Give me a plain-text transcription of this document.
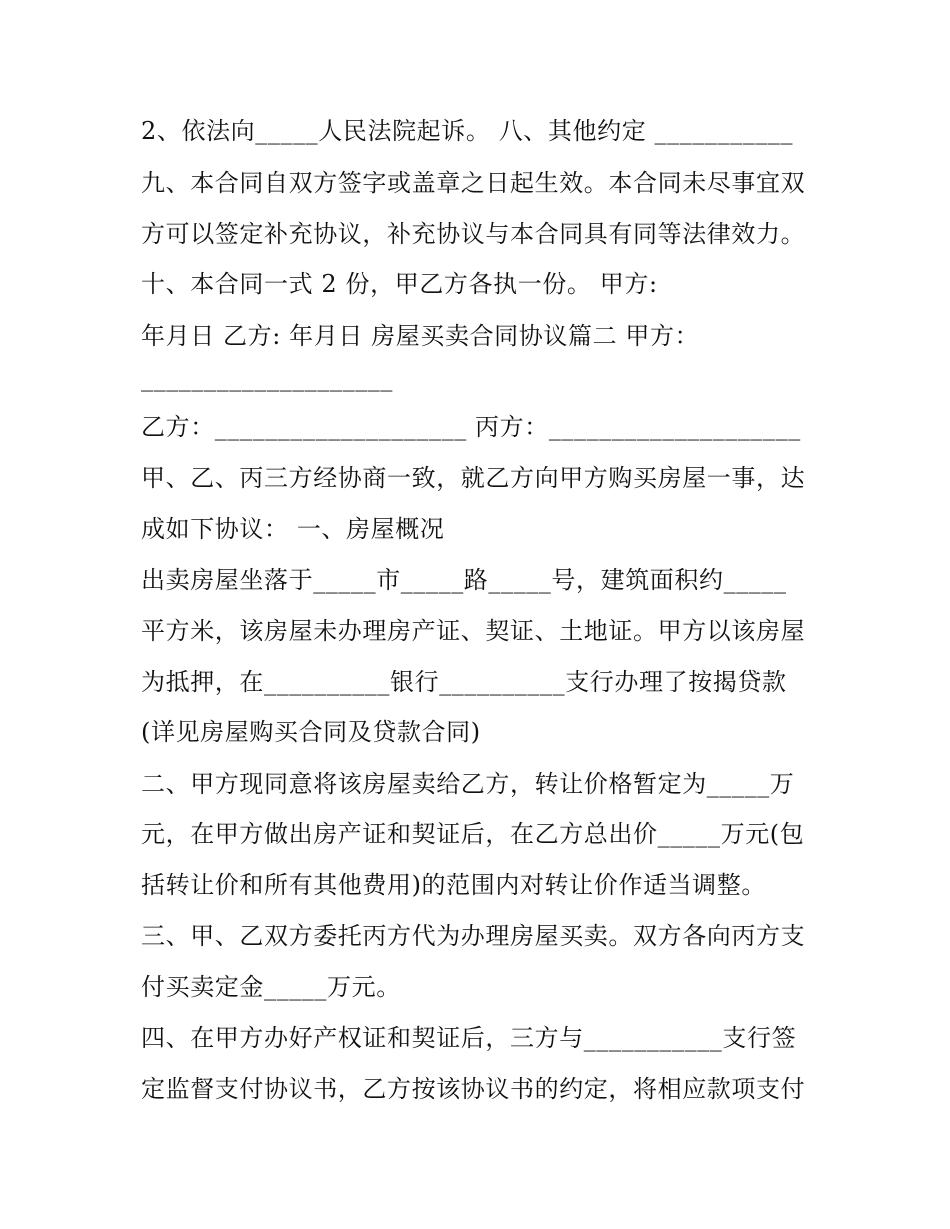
2、依法向_____人民法院起诉。 八、其他约定 ___________
九、本合同自双方签字或盖章之日起生效。本合同未尽事宜双
方可以签定补充协议，补充协议与本合同具有同等法律效力。
十、本合同一式 2 份，甲乙方各执一份。 甲方:
年月日 乙方: 年月日 房屋买卖合同协议篇二 甲方：
____________________
乙方：____________________ 丙方：____________________
甲、乙、丙三方经协商一致，就乙方向甲方购买房屋一事，达
成如下协议： 一、房屋概况
出卖房屋坐落于_____市_____路_____号，建筑面积约_____
平方米，该房屋未办理房产证、契证、土地证。甲方以该房屋
为抵押，在__________银行__________支行办理了按揭贷款
(详见房屋购买合同及贷款合同)
二、甲方现同意将该房屋卖给乙方，转让价格暂定为_____万
元，在甲方做出房产证和契证后，在乙方总出价_____万元(包
括转让价和所有其他费用)的范围内对转让价作适当调整。
三、甲、乙双方委托丙方代为办理房屋买卖。双方各向丙方支
付买卖定金_____万元。
四、在甲方办好产权证和契证后，三方与___________支行签
定监督支付协议书，乙方按该协议书的约定，将相应款项支付
